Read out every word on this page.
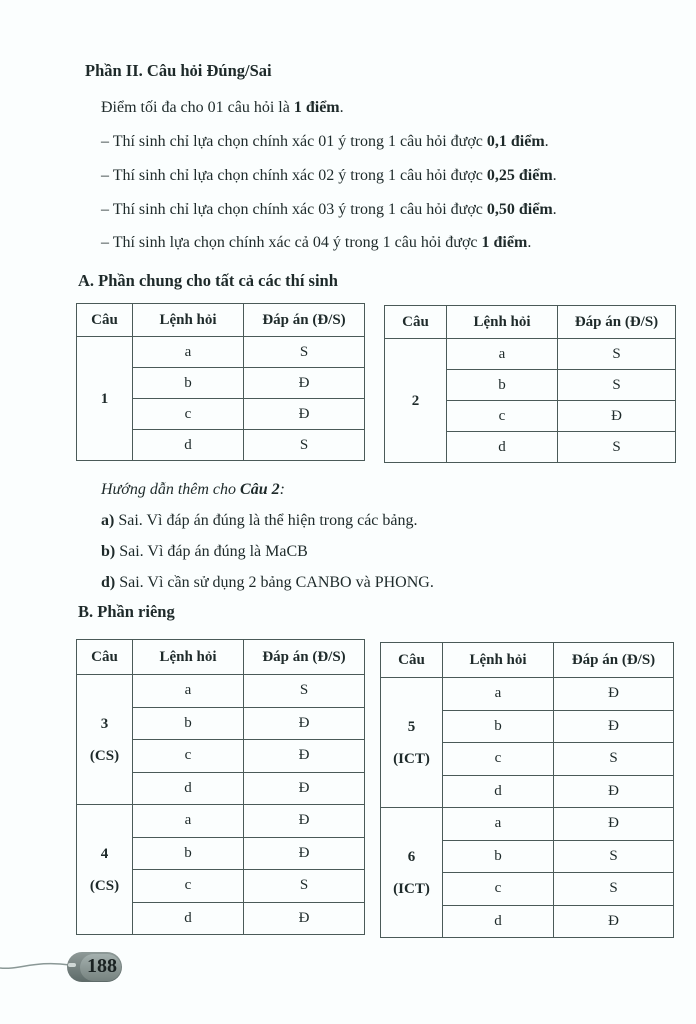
Phần II. Câu hỏi Đúng/Sai
Điểm tối đa cho 01 câu hỏi là 1 điểm.
– Thí sinh chỉ lựa chọn chính xác 01 ý trong 1 câu hỏi được 0,1 điểm.
– Thí sinh chỉ lựa chọn chính xác 02 ý trong 1 câu hỏi được 0,25 điểm.
– Thí sinh chỉ lựa chọn chính xác 03 ý trong 1 câu hỏi được 0,50 điểm.
– Thí sinh lựa chọn chính xác cả 04 ý trong 1 câu hỏi được 1 điểm.
A. Phần chung cho tất cả các thí sinh
Câu	Lệnh hỏi	Đáp án (Đ/S)
1	a	S
	b	Đ
	c	Đ
	d	S
Câu	Lệnh hỏi	Đáp án (Đ/S)
2	a	S
	b	S
	c	Đ
	d	S
Hướng dẫn thêm cho Câu 2:
a) Sai. Vì đáp án đúng là thể hiện trong các bảng.
b) Sai. Vì đáp án đúng là MaCB
d) Sai. Vì cần sử dụng 2 bảng CANBO và PHONG.
B. Phần riêng
Câu	Lệnh hỏi	Đáp án (Đ/S)

3
(CS)	a	S
	b	Đ
	c	Đ
	d	Đ

4
(CS)	a	Đ
	b	Đ
	c	S
	d	Đ
Câu	Lệnh hỏi	Đáp án (Đ/S)

5
(ICT)	a	Đ
	b	Đ
	c	S
	d	Đ

6
(ICT)	a	Đ
	b	S
	c	S
	d	Đ
188
